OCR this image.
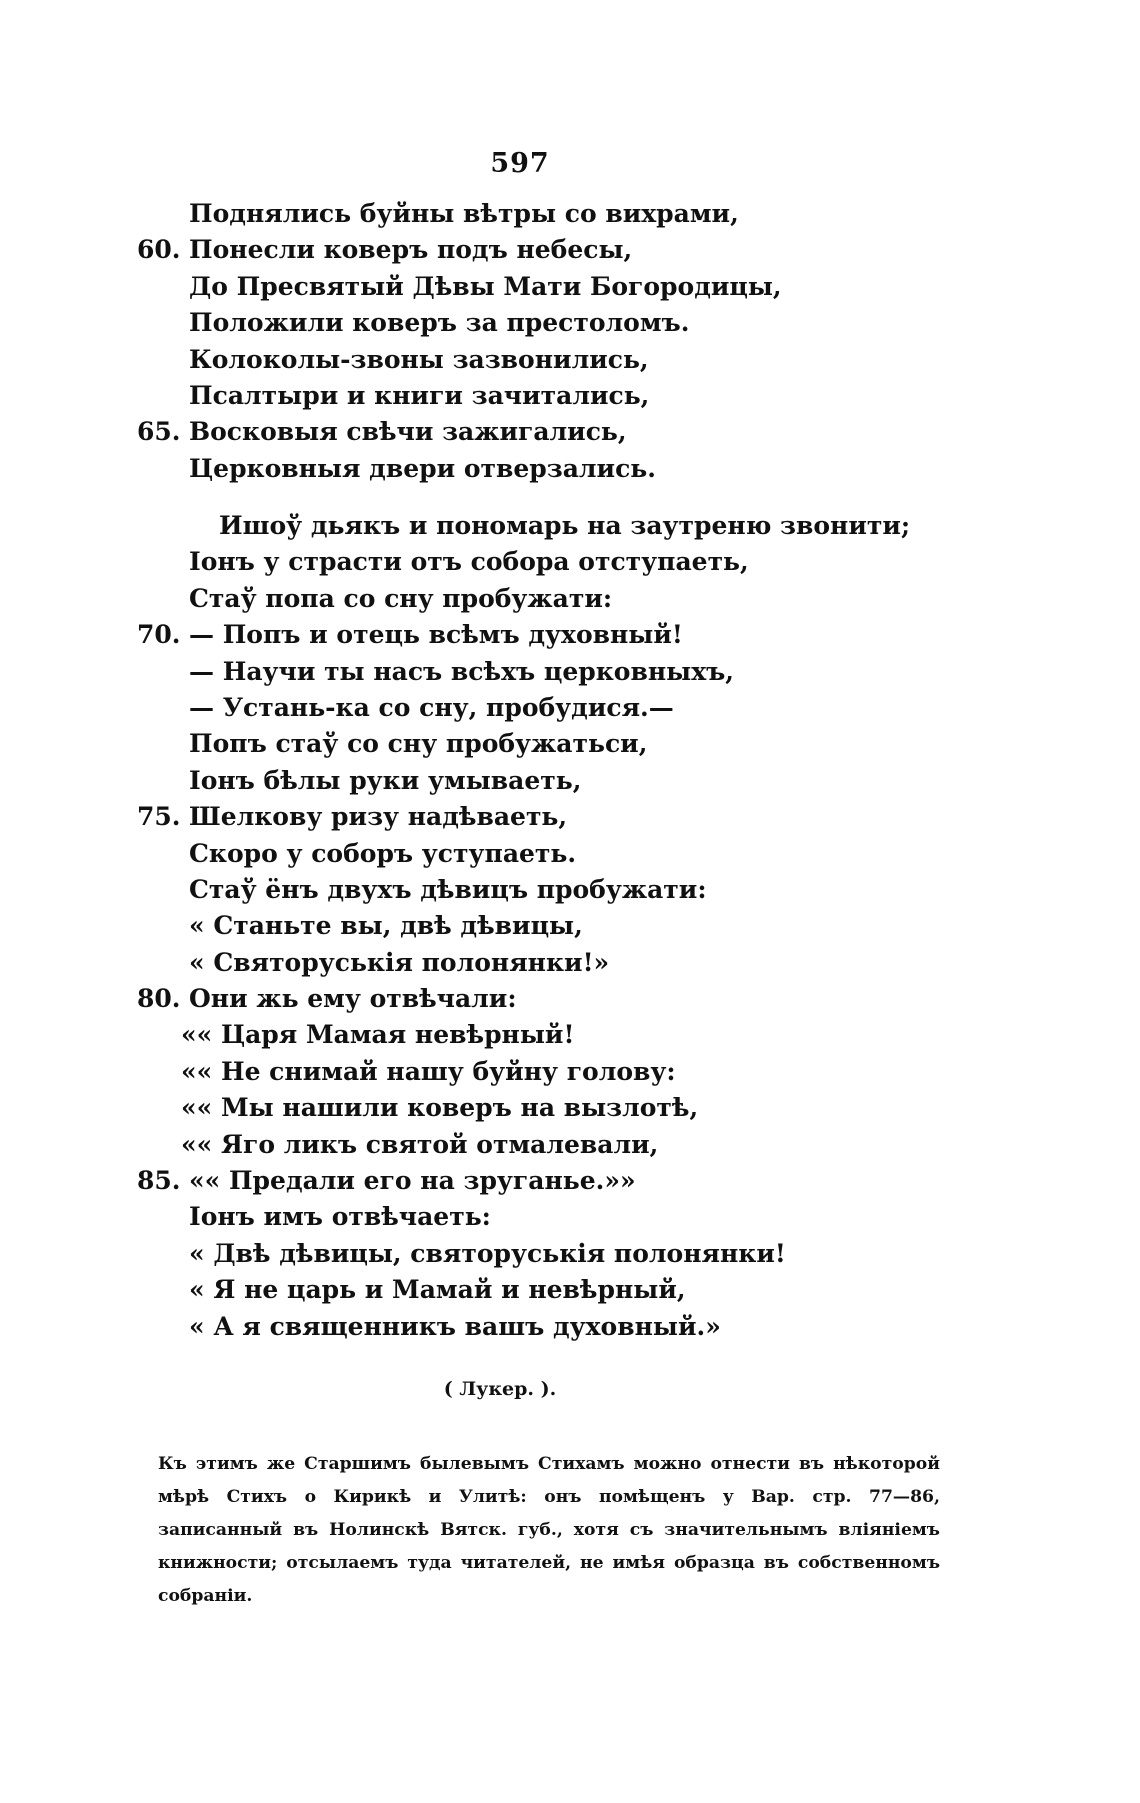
597
Поднялись буйны вѣтры со вихрами,
60. Понесли коверъ подъ небесы,
До Пресвятый Дѣвы Мати Богородицы,
Положили коверъ за престоломъ.
Колоколы-звоны зазвонились,
Псалтыри и книги зачитались,
65. Восковыя свѣчи зажигались,
Церковныя двери отверзались.
Ишоў дьякъ и пономарь на заутреню звонити;
Іонъ у страсти отъ собора отступаеть,
Стаў попа со сну пробужати:
70. — Попъ и отець всѣмъ духовный!
— Научи ты насъ всѣхъ церковныхъ,
— Устань-ка со сну, пробудися.—
Попъ стаў со сну пробужатьси,
Іонъ бѣлы руки умываеть,
75. Шелкову ризу надѣваеть,
Скоро у соборъ уступаеть.
Стаў ёнъ двухъ дѣвицъ пробужати:
« Станьте вы, двѣ дѣвицы,
« Святоруськія полонянки!»
80. Они жь ему отвѣчали:
«« Царя Мамая невѣрный!
«« Не снимай нашу буйну голову:
«« Мы нашили коверъ на вызлотѣ,
«« Яго ликъ святой отмалевали,
85. «« Предали его на зруганье.»»
Іонъ имъ отвѣчаеть:
« Двѣ дѣвицы, святоруськія полонянки!
« Я не царь и Мамай и невѣрный,
« А я священникъ вашъ духовный.»
( Лукер. ).
Къ этимъ же Старшимъ былевымъ Стихамъ можно отнести въ нѣкоторой мѣрѣ Стихъ о Кирикѣ и Улитѣ: онъ помѣщенъ у Вар. стр. 77—86, записанный въ Нолинскѣ Вятск. губ., хотя съ значительнымъ вліяніемъ книжности; отсылаемъ туда читателей, не имѣя образца въ собственномъ собраніи.
